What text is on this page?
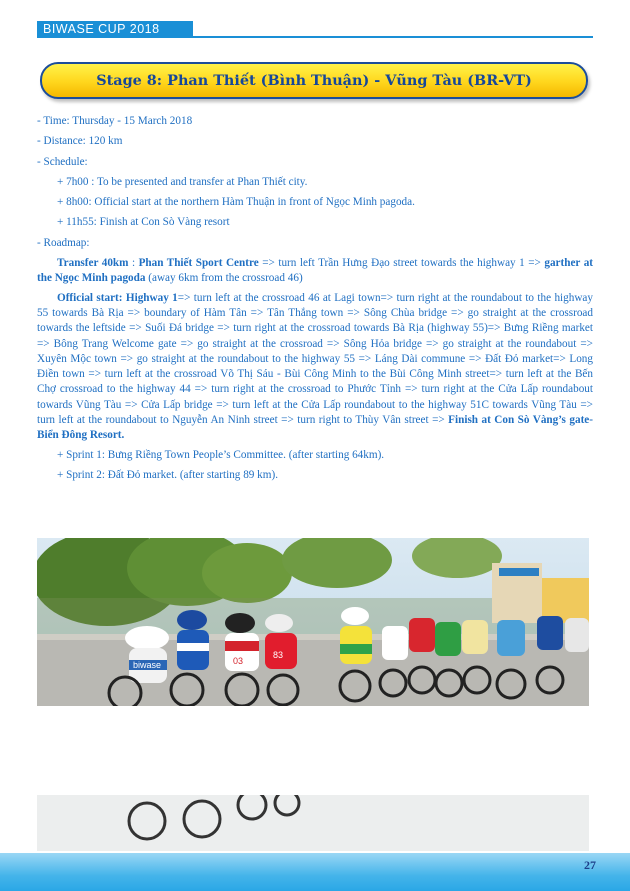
BIWASE CUP 2018
Stage 8: Phan Thiết (Bình Thuận) - Vũng Tàu (BR-VT)

- Time: Thursday - 15 March 2018

- Distance: 120 km

- Schedule:

+ 7h00 : To be presented and transfer at Phan Thiết city.

+ 8h00: Official start at the northern Hàm Thuận in front of Ngọc Minh pagoda.

+ 11h55: Finish at Con Sò Vàng resort

- Roadmap:

Transfer 40km : Phan Thiết Sport Centre => turn left Trần Hưng Đạo street towards the highway 1 => garther at the Ngọc Minh pagoda (away 6km from the crossroad 46)

Official start: Highway 1=> turn left at the crossroad 46 at Lagi town=> turn right at the roundabout to the highway 55 towards Bà Rịa => boundary of Hàm Tân => Tân Thắng town => Sông Chùa bridge => go straight at the crossroad towards the leftside => Suối Đá bridge => turn right at the crossroad towards Bà Rịa (highway 55)=> Bưng Riềng market => Bông Trang Welcome gate => go straight at the crossroad => Sông Hỏa bridge => go straight at the roundabout => Xuyên Mộc town => go straight at the roundabout to the highway 55 => Láng Dài commune => Đất Đỏ market=> Long Điền town => turn left at the crossroad Võ Thị Sáu - Bùi Công Minh to the Bùi Công Minh street=> turn left at the Bến Chợ crossroad to the highway 44 => turn right at the crossroad to Phước Tỉnh => turn right at the Cửa Lấp roundabout towards Vũng Tàu => Cửa Lấp bridge => turn left at the Cửa Lấp roundabout to the highway 51C towards Vũng Tàu => turn left at the roundabout to Nguyễn An Ninh street => turn right to Thùy Vân street => Finish at Con Sò Vàng’s gate- Biển Đông Resort.

+ Sprint 1: Bưng Riềng Town People’s Committee. (after starting 64km).

+ Sprint 2: Đất Đỏ market. (after starting 89 km).

biwase	03
83
27
